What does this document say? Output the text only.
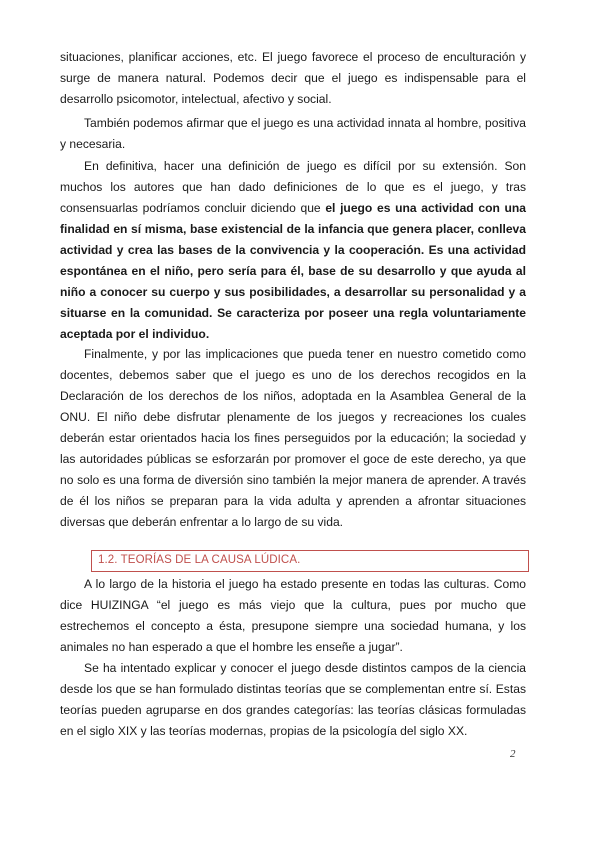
situaciones, planificar acciones, etc. El juego favorece el proceso de enculturación y surge de manera natural. Podemos decir que el juego es indispensable para el desarrollo psicomotor, intelectual, afectivo y social.

También podemos afirmar que el juego es una actividad innata al hombre, positiva y necesaria.

En definitiva, hacer una definición de juego es difícil por su extensión. Son muchos los autores que han dado definiciones de lo que es el juego, y tras consensuarlas podríamos concluir diciendo que el juego es una actividad con una finalidad en sí misma, base existencial de la infancia que genera placer, conlleva actividad y crea las bases de la convivencia y la cooperación. Es una actividad espontánea en el niño, pero sería para él, base de su desarrollo y que ayuda al niño a conocer su cuerpo y sus posibilidades, a desarrollar su personalidad y a situarse en la comunidad. Se caracteriza por poseer una regla voluntariamente aceptada por el individuo.

Finalmente, y por las implicaciones que pueda tener en nuestro cometido como docentes, debemos saber que el juego es uno de los derechos recogidos en la Declaración de los derechos de los niños, adoptada en la Asamblea General de la ONU. El niño debe disfrutar plenamente de los juegos y recreaciones los cuales deberán estar orientados hacia los fines perseguidos por la educación; la sociedad y las autoridades públicas se esforzarán por promover el goce de este derecho, ya que no solo es una forma de diversión sino también la mejor manera de aprender. A través de él los niños se preparan para la vida adulta y aprenden a afrontar situaciones diversas que deberán enfrentar a lo largo de su vida.

1.2. TEORÍAS DE LA CAUSA LÚDICA.

A lo largo de la historia el juego ha estado presente en todas las culturas. Como dice HUIZINGA “el juego es más viejo que la cultura, pues por mucho que estrechemos el concepto a ésta, presupone siempre una sociedad humana, y los animales no han esperado a que el hombre les enseñe a jugar”.

Se ha intentado explicar y conocer el juego desde distintos campos de la ciencia desde los que se han formulado distintas teorías que se complementan entre sí. Estas teorías pueden agruparse en dos grandes categorías: las teorías clásicas formuladas en el siglo XIX y las teorías modernas, propias de la psicología del siglo XX.

2
